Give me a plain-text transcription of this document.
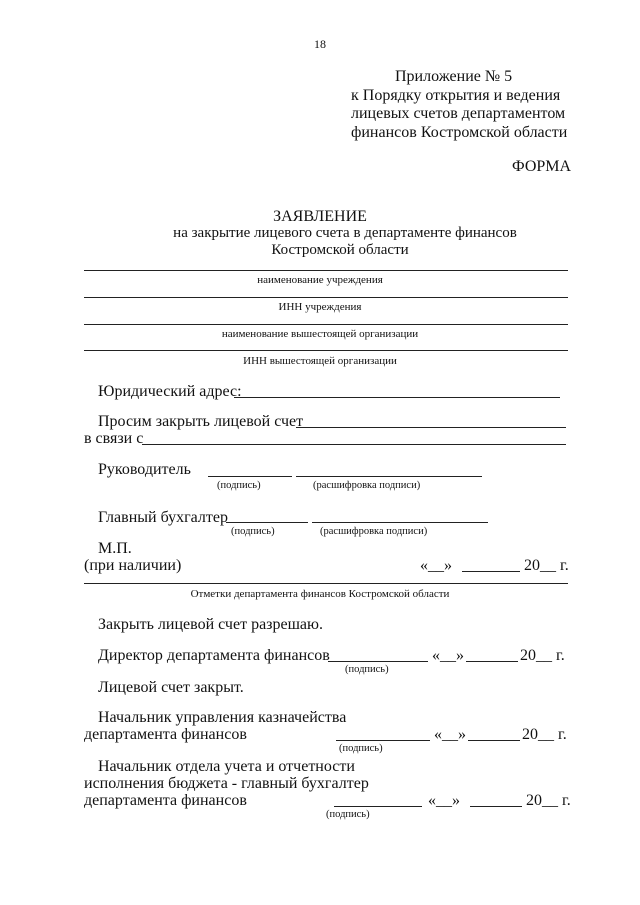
18
Приложение № 5
к Порядку открытия и ведения
лицевых счетов департаментом
финансов Костромской области
ФОРМА
ЗАЯВЛЕНИЕ
на закрытие лицевого счета в департаменте финансов
Костромской области
наименование учреждения
ИНН учреждения
наименование вышестоящей организации
ИНН вышестоящей организации
Юридический адрес:
Просим закрыть лицевой счет
в связи с
Руководитель
(подпись)	(расшифровка подписи)
Главный бухгалтер
(подпись)	(расшифровка подписи)
М.П.
(при наличии)	«__»	20__ г.
Отметки департамента финансов Костромской области
Закрыть лицевой счет разрешаю.
Директор департамента финансов	«__»	20__ г.
(подпись)
Лицевой счет закрыт.
Начальник управления казначейства
департамента финансов	«__»	20__ г.
(подпись)
Начальник отдела учета и отчетности
исполнения бюджета - главный бухгалтер
департамента финансов	«__»	20__ г.
(подпись)
